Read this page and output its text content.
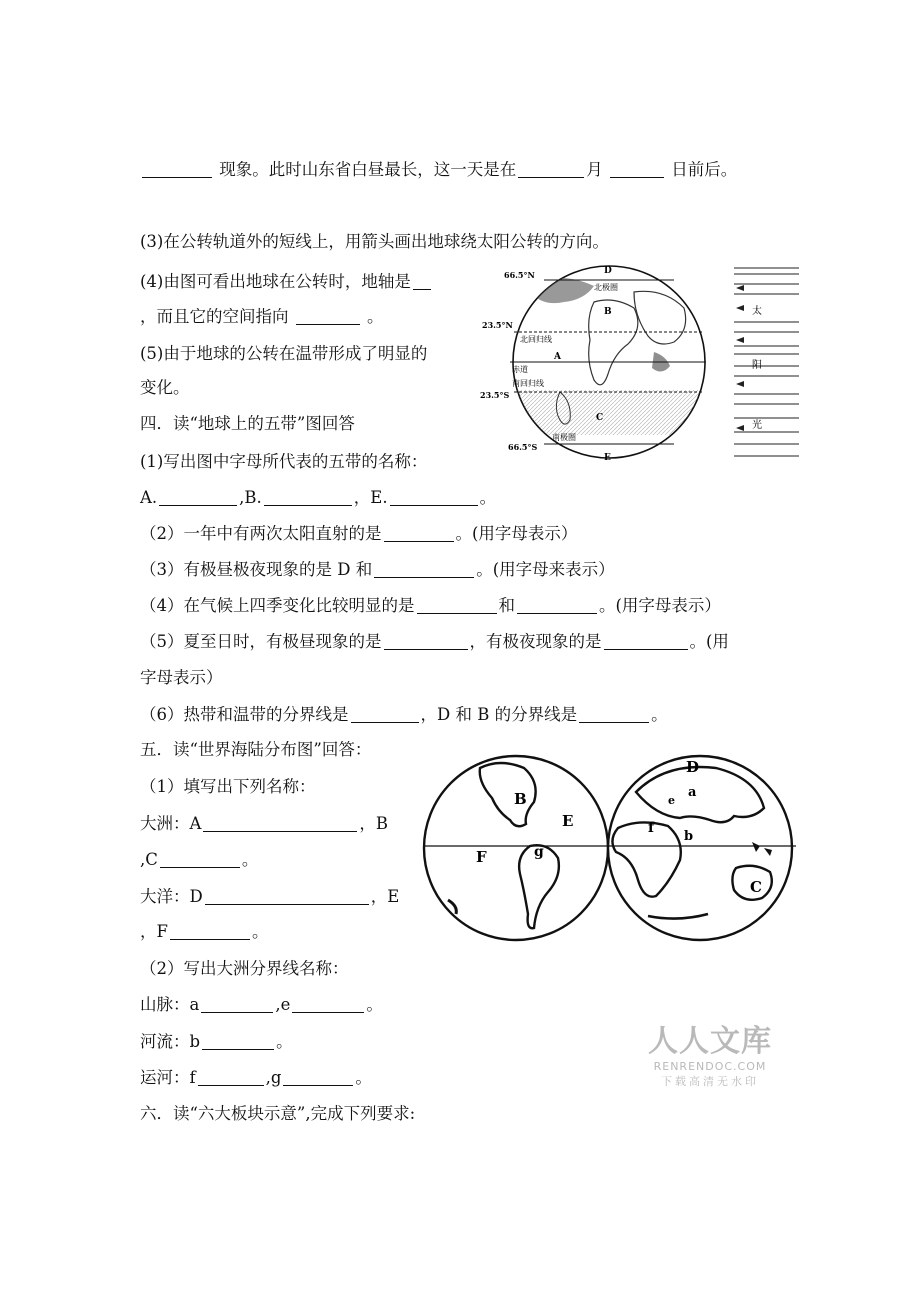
现象。此时山东省白昼最长，这一天是在	月	日前后。
(3)在公转轨道外的短线上，用箭头画出地球绕太阳公转的方向。
(4)由图可看出地球在公转时，地轴是
，而且它的空间指向	。
(5)由于地球的公转在温带形成了明显的
变化。
四．读“地球上的五带”图回答
(1)写出图中字母所代表的五带的名称：
A.	,B.	，E.	。
（2）一年中有两次太阳直射的是	。(用字母表示）
（3）有极昼极夜现象的是 D 和	。(用字母来表示）
（4）在气候上四季变化比较明显的是	和	。(用字母表示）
（5）夏至日时，有极昼现象的是	，有极夜现象的是	。(用
字母表示）
（6）热带和温带的分界线是	，D 和 B 的分界线是	。
五．读“世界海陆分布图”回答：
（1）填写出下列名称：
大洲：A	，B
,C	。
大洋：D	，E
，F	。
（2）写出大洲分界线名称：
山脉：a	,e	。
河流：b	。
运河：f	,g	。
六．读“六大板块示意”,完成下列要求:
太
阳
光
66.5°N
23.5°N
23.5°S
66.5°S
D
B
A
C
E
北极圈
北回归线
赤道
南回归线
南极圈
B
E
F	g
D
a
e
b
f
C
人人文库
RENRENDOC.COM
下载高清无水印
